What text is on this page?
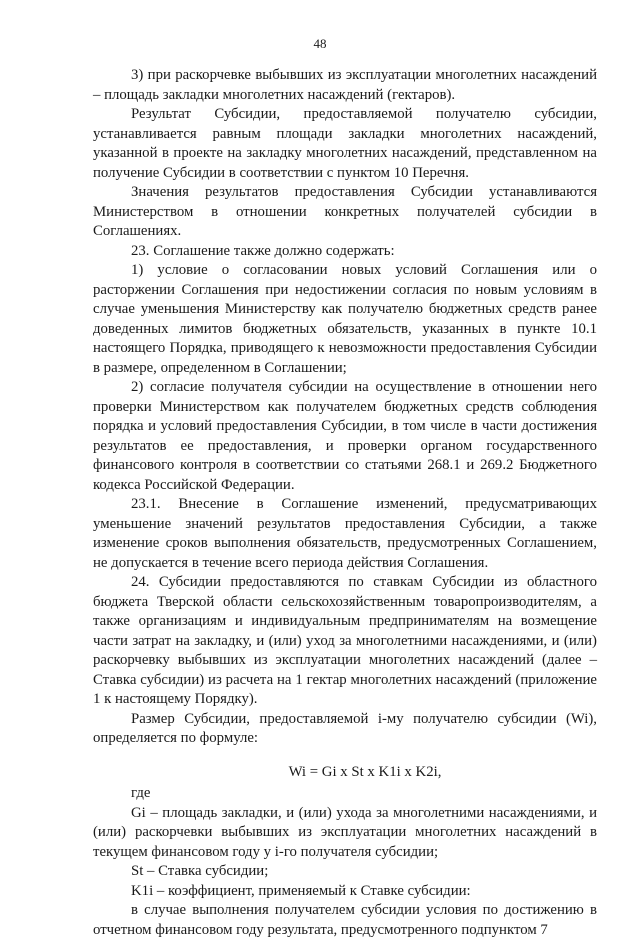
48

3) при раскорчевке выбывших из эксплуатации многолетних насаждений – площадь закладки многолетних насаждений (гектаров).

Результат Субсидии, предоставляемой получателю субсидии, устанавливается равным площади закладки многолетних насаждений, указанной в проекте на закладку многолетних насаждений, представленном на получение Субсидии в соответствии с пунктом 10 Перечня.

Значения результатов предоставления Субсидии устанавливаются Министерством в отношении конкретных получателей субсидии в Соглашениях.

23. Соглашение также должно содержать:

1) условие о согласовании новых условий Соглашения или о расторжении Соглашения при недостижении согласия по новым условиям в случае уменьшения Министерству как получателю бюджетных средств ранее доведенных лимитов бюджетных обязательств, указанных в пункте 10.1 настоящего Порядка, приводящего к невозможности предоставления Субсидии в размере, определенном в Соглашении;

2) согласие получателя субсидии на осуществление в отношении него проверки Министерством как получателем бюджетных средств соблюдения порядка и условий предоставления Субсидии, в том числе в части достижения результатов ее предоставления, и проверки органом государственного финансового контроля в соответствии со статьями 268.1 и 269.2 Бюджетного кодекса Российской Федерации.

23.1. Внесение в Соглашение изменений, предусматривающих уменьшение значений результатов предоставления Субсидии, а также изменение сроков выполнения обязательств, предусмотренных Соглашением, не допускается в течение всего периода действия Соглашения.

24. Субсидии предоставляются по ставкам Субсидии из областного бюджета Тверской области сельскохозяйственным товаропроизводителям, а также организациям и индивидуальным предпринимателям на возмещение части затрат на закладку, и (или) уход за многолетними насаждениями, и (или) раскорчевку выбывших из эксплуатации многолетних насаждений (далее – Ставка субсидии) из расчета на 1 гектар многолетних насаждений (приложение 1 к настоящему Порядку).

Размер Субсидии, предоставляемой i-му получателю субсидии (Wi), определяется по формуле:

Wi = Gi x St x K1i x K2i,

где

Gi – площадь закладки, и (или) ухода за многолетними насаждениями, и (или) раскорчевки выбывших из эксплуатации многолетних насаждений в текущем финансовом году у i-го получателя субсидии;

St – Ставка субсидии;

K1i – коэффициент, применяемый к Ставке субсидии:

в случае выполнения получателем субсидии условия по достижению в отчетном финансовом году результата, предусмотренного подпунктом 7
